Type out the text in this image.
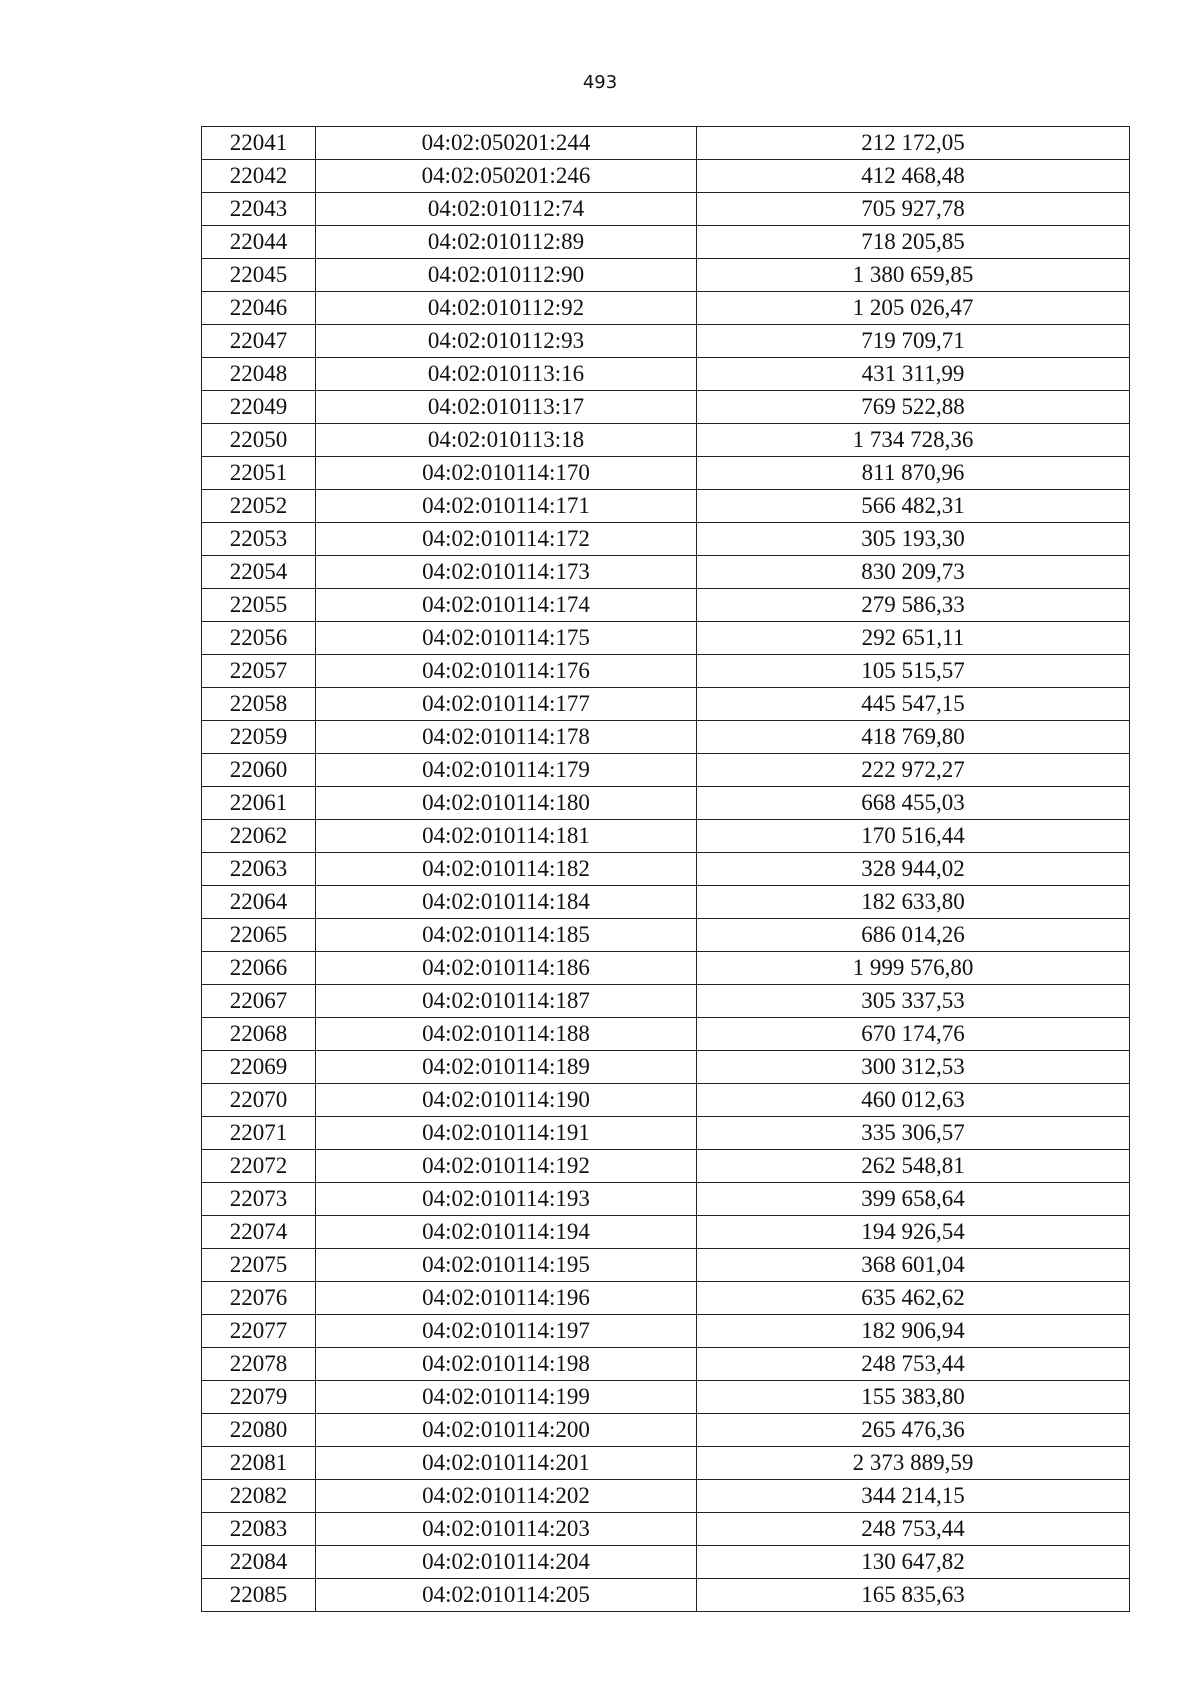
493
22041	04:02:050201:244	212 172,05
22042	04:02:050201:246	412 468,48
22043	04:02:010112:74	705 927,78
22044	04:02:010112:89	718 205,85
22045	04:02:010112:90	1 380 659,85
22046	04:02:010112:92	1 205 026,47
22047	04:02:010112:93	719 709,71
22048	04:02:010113:16	431 311,99
22049	04:02:010113:17	769 522,88
22050	04:02:010113:18	1 734 728,36
22051	04:02:010114:170	811 870,96
22052	04:02:010114:171	566 482,31
22053	04:02:010114:172	305 193,30
22054	04:02:010114:173	830 209,73
22055	04:02:010114:174	279 586,33
22056	04:02:010114:175	292 651,11
22057	04:02:010114:176	105 515,57
22058	04:02:010114:177	445 547,15
22059	04:02:010114:178	418 769,80
22060	04:02:010114:179	222 972,27
22061	04:02:010114:180	668 455,03
22062	04:02:010114:181	170 516,44
22063	04:02:010114:182	328 944,02
22064	04:02:010114:184	182 633,80
22065	04:02:010114:185	686 014,26
22066	04:02:010114:186	1 999 576,80
22067	04:02:010114:187	305 337,53
22068	04:02:010114:188	670 174,76
22069	04:02:010114:189	300 312,53
22070	04:02:010114:190	460 012,63
22071	04:02:010114:191	335 306,57
22072	04:02:010114:192	262 548,81
22073	04:02:010114:193	399 658,64
22074	04:02:010114:194	194 926,54
22075	04:02:010114:195	368 601,04
22076	04:02:010114:196	635 462,62
22077	04:02:010114:197	182 906,94
22078	04:02:010114:198	248 753,44
22079	04:02:010114:199	155 383,80
22080	04:02:010114:200	265 476,36
22081	04:02:010114:201	2 373 889,59
22082	04:02:010114:202	344 214,15
22083	04:02:010114:203	248 753,44
22084	04:02:010114:204	130 647,82
22085	04:02:010114:205	165 835,63
